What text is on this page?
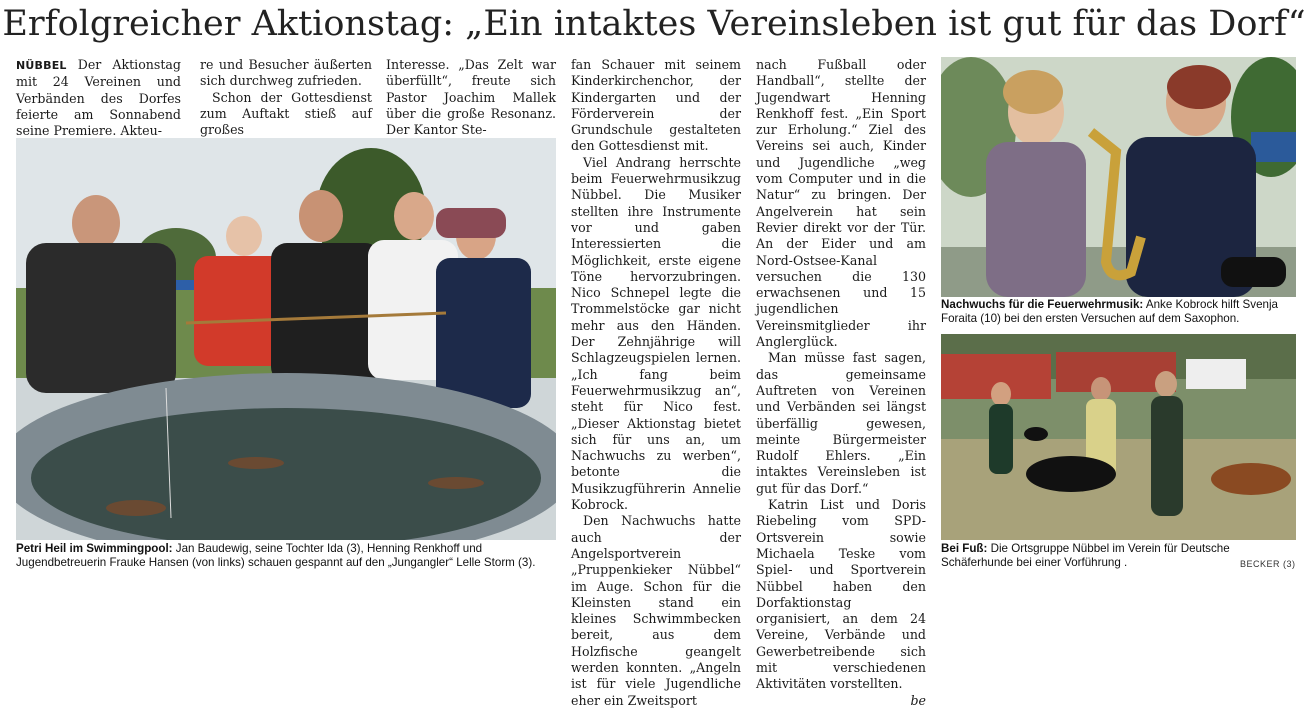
Erfolgreicher Aktionstag: „Ein intaktes Vereinsleben ist gut für das Dorf“

NÜBBEL Der Aktionstag mit 24 Vereinen und Verbänden des Dorfes feierte am Sonnabend seine Premiere. Akteu-

re und Besucher äußerten sich durchweg zufrieden.

Schon der Gottesdienst zum Auftakt stieß auf großes

Interesse. „Das Zelt war überfüllt“, freute sich Pastor Joachim Mallek über die große Resonanz. Der Kantor Ste-

fan Schauer mit seinem Kinderkirchenchor, der Kindergarten und der Förderverein der Grundschule gestalteten den Gottesdienst mit.

Viel Andrang herrschte beim Feuerwehrmusikzug Nübbel. Die Musiker stellten ihre Instrumente vor und gaben Interessierten die Möglichkeit, erste eigene Töne hervorzubringen. Nico Schnepel legte die Trommelstöcke gar nicht mehr aus den Händen. Der Zehnjährige will Schlagzeugspielen lernen. „Ich fang beim Feuerwehrmusikzug an“, steht für Nico fest. „Dieser Aktionstag bietet sich für uns an, um Nachwuchs zu werben“, betonte die Musikzugführerin Annelie Kobrock.

Den Nachwuchs hatte auch der Angelsportverein „Pruppenkieker Nübbel“ im Auge. Schon für die Kleinsten stand ein kleines Schwimmbecken bereit, aus dem Holzfische geangelt werden konnten. „Angeln ist für viele Jugendliche eher ein Zweitsport

nach Fußball oder Handball“, stellte der Jugendwart Henning Renkhoff fest. „Ein Sport zur Erholung.“ Ziel des Vereins sei auch, Kinder und Jugendliche „weg vom Computer und in die Natur“ zu bringen. Der Angelverein hat sein Revier direkt vor der Tür. An der Eider und am Nord-Ostsee-Kanal versuchen die 130 erwachsenen und 15 jugendlichen Vereinsmitglieder ihr Anglerglück.

Man müsse fast sagen, das gemeinsame Auftreten von Vereinen und Verbänden sei längst überfällig gewesen, meinte Bürgermeister Rudolf Ehlers. „Ein intaktes Vereinsleben ist gut für das Dorf.“

Katrin List und Doris Riebeling vom SPD-Ortsverein sowie Michaela Teske vom Spiel- und Sportverein Nübbel haben den Dorfaktionstag organisiert, an dem 24 Vereine, Verbände und Gewerbetreibende sich mit verschiedenen Aktivitäten vorstellten.
be

Petri Heil im Swimmingpool: Jan Baudewig, seine Tochter Ida (3), Henning Renkhoff und Jugendbetreuerin Frauke Hansen (von links) schauen gespannt auf den „Jungangler“ Lelle Storm (3).
Nachwuchs für die Feuerwehrmusik: Anke Kobrock hilft Svenja Foraita (10) bei den ersten Versuchen auf dem Saxophon.
Bei Fuß: Die Ortsgruppe Nübbel im Verein für Deutsche Schäferhunde bei einer Vorführung .	BECKER (3)
